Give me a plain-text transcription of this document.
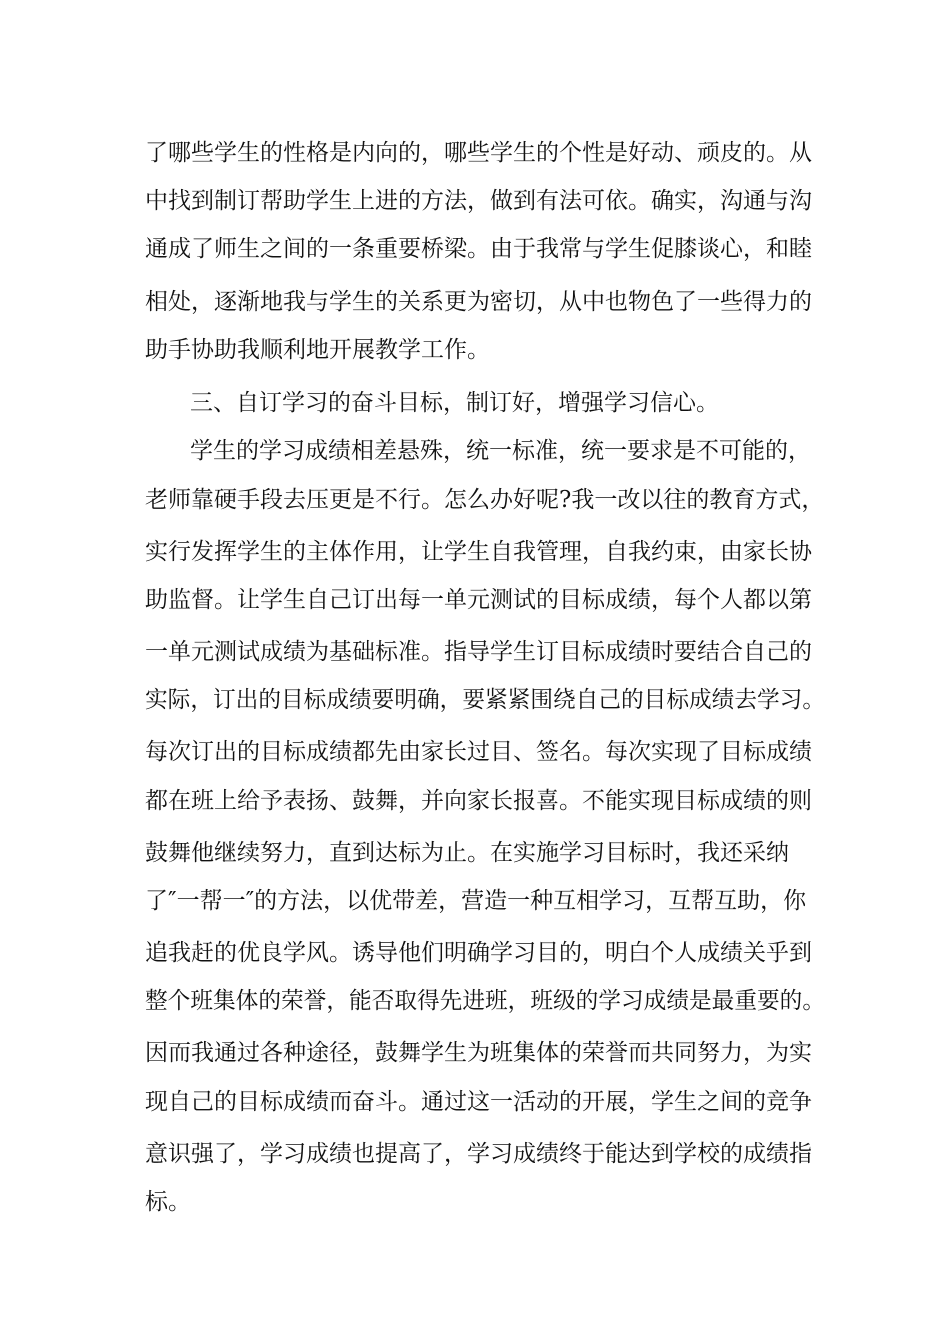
了哪些学生的性格是内向的，哪些学生的个性是好动、顽皮的。从

中找到制订帮助学生上进的方法，做到有法可依。确实，沟通与沟

通成了师生之间的一条重要桥梁。由于我常与学生促膝谈心，和睦

相处，逐渐地我与学生的关系更为密切，从中也物色了一些得力的

助手协助我顺利地开展教学工作。

三、自订学习的奋斗目标，制订好，增强学习信心。

学生的学习成绩相差悬殊，统一标准，统一要求是不可能的，

老师靠硬手段去压更是不行。怎么办好呢?我一改以往的教育方式，

实行发挥学生的主体作用，让学生自我管理，自我约束，由家长协

助监督。让学生自己订出每一单元测试的目标成绩，每个人都以第

一单元测试成绩为基础标准。指导学生订目标成绩时要结合自己的

实际，订出的目标成绩要明确，要紧紧围绕自己的目标成绩去学习。

每次订出的目标成绩都先由家长过目、签名。每次实现了目标成绩

都在班上给予表扬、鼓舞，并向家长报喜。不能实现目标成绩的则

鼓舞他继续努力，直到达标为止。在实施学习目标时，我还采纳

了″一帮一″的方法，以优带差，营造一种互相学习，互帮互助，你

追我赶的优良学风。诱导他们明确学习目的，明白个人成绩关乎到

整个班集体的荣誉，能否取得先进班，班级的学习成绩是最重要的。

因而我通过各种途径，鼓舞学生为班集体的荣誉而共同努力，为实

现自己的目标成绩而奋斗。通过这一活动的开展，学生之间的竞争

意识强了，学习成绩也提高了，学习成绩终于能达到学校的成绩指

标。
